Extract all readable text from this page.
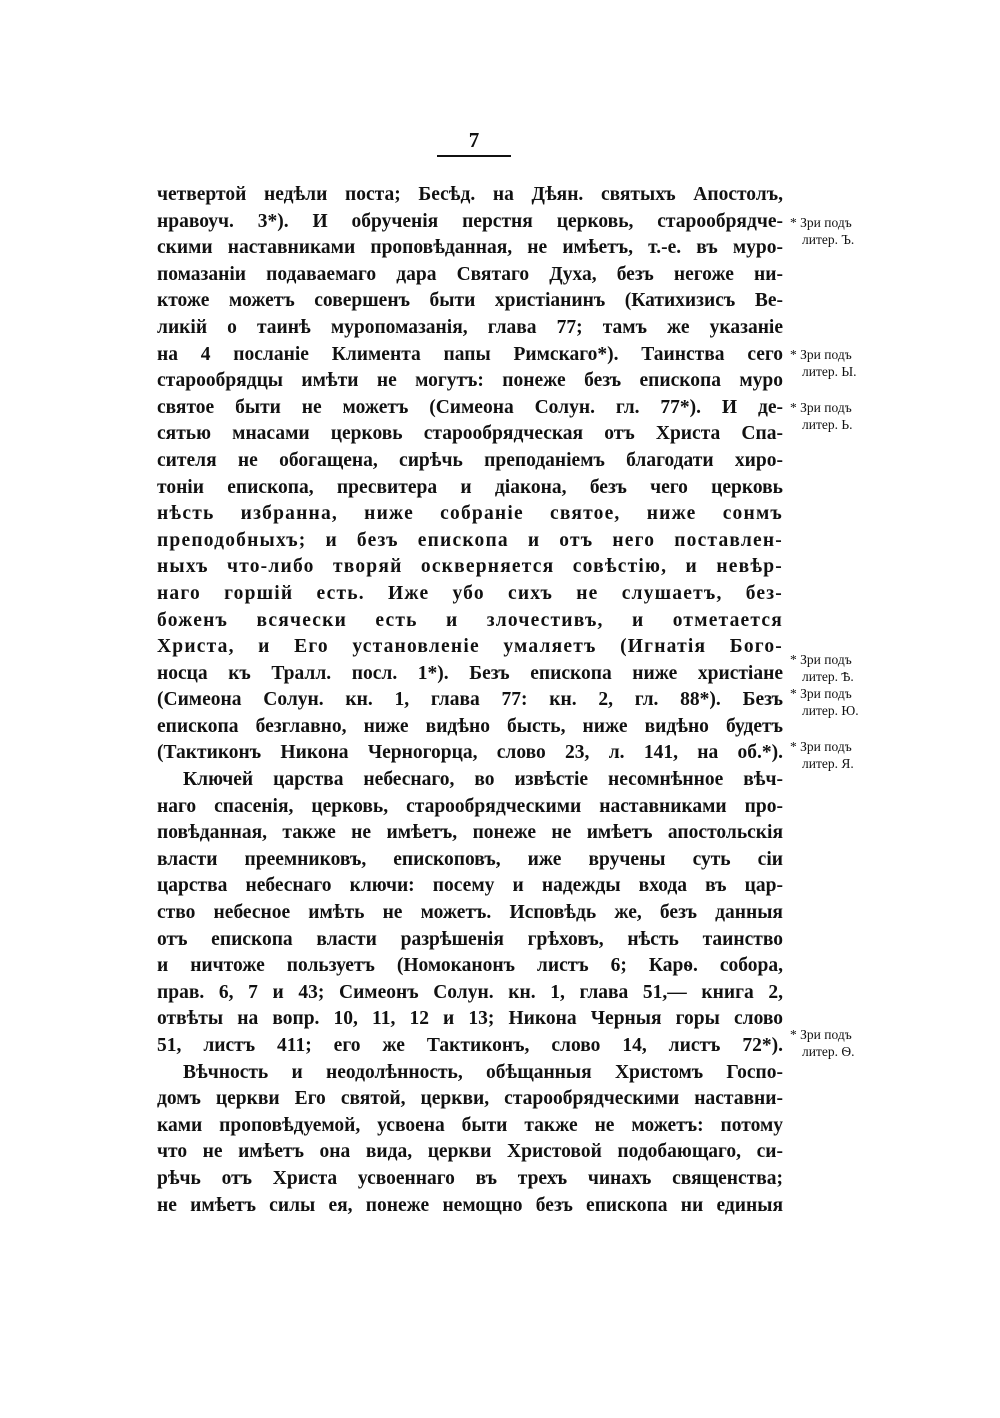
7
четвертой недѣли поста; Бесѣд. на Дѣян. святыхъ Апостолъ,
нравоуч. 3*). И обрученія перстня церковь, старообрядче-
скими наставниками проповѣданная, не имѣетъ, т.-е. въ муро-
помазаніи подаваемаго дара Святаго Духа, безъ негоже ни-
ктоже можетъ совершенъ быти христіанинъ (Катихизисъ Ве-
ликій о таинѣ муропомазанія, глава 77; тамъ же указаніе
на 4 посланіе Климента папы Римскаго*). Таинства сего
старообрядцы имѣти не могутъ: понеже безъ епископа муро
святое быти не можетъ (Симеона Солун. гл. 77*). И де-
сятью мнасами церковь старообрядческая отъ Христа Спа-
сителя не обогащена, сирѣчь преподаніемъ благодати хиро-
тоніи епископа, пресвитера и діакона, безъ чего церковь
нѣсть избранна, ниже собраніе святое, ниже сонмъ
преподобныхъ; и безъ епископа и отъ него поставлен-
ныхъ что-либо творяй оскверняется совѣстію, и невѣр-
наго горшій есть. Иже убо сихъ не слушаетъ, без-
боженъ всячески есть и злочестивъ, и отметается
Христа, и Его установленіе умаляетъ (Игнатія Бого-
носца къ Тралл. посл. 1*). Безъ епископа ниже христіане
(Симеона Солун. кн. 1, глава 77: кн. 2, гл. 88*). Безъ
епископа безглавно, ниже видѣно бысть, ниже видѣно будетъ
(Тактиконъ Никона Черногорца, слово 23, л. 141, на об.*).
Ключей царства небеснаго, во извѣстіе несомнѣнное вѣч-
наго спасенія, церковь, старообрядческими наставниками про-
повѣданная, также не имѣетъ, понеже не имѣетъ апостольскія
власти преемниковъ, епископовъ, иже вручены суть сіи
царства небеснаго ключи: посему и надежды входа въ цар-
ство небесное имѣть не можетъ. Исповѣдь же, безъ данныя
отъ епископа власти разрѣшенія грѣховъ, нѣсть таинство
и ничтоже пользуетъ (Номоканонъ листъ 6; Карѳ. собора,
прав. 6, 7 и 43; Симеонъ Солун. кн. 1, глава 51,— книга 2,
отвѣты на вопр. 10, 11, 12 и 13; Никона Черныя горы слово
51, листъ 411; его же Тактиконъ, слово 14, листъ 72*).
Вѣчность и неодолѣнность, обѣщанныя Христомъ Госпо-
домъ церкви Его святой, церкви, старообрядческими наставни-
ками проповѣдуемой, усвоена быти также не можетъ: потому
что не имѣетъ она вида, церкви Христовой подобающаго, си-
рѣчь отъ Христа усвоеннаго въ трехъ чинахъ священства;
не имѣетъ силы ея, понеже немощно безъ епископа ни единыя
* Зри подъ
литер. Ъ.
* Зри подъ
литер. Ы.
* Зри подъ
литер. Ь.
* Зри подъ
литер. Ѣ.
* Зри подъ
литер. Ю.
* Зри подъ
литер. Я.
* Зри подъ
литер. Ѳ.
